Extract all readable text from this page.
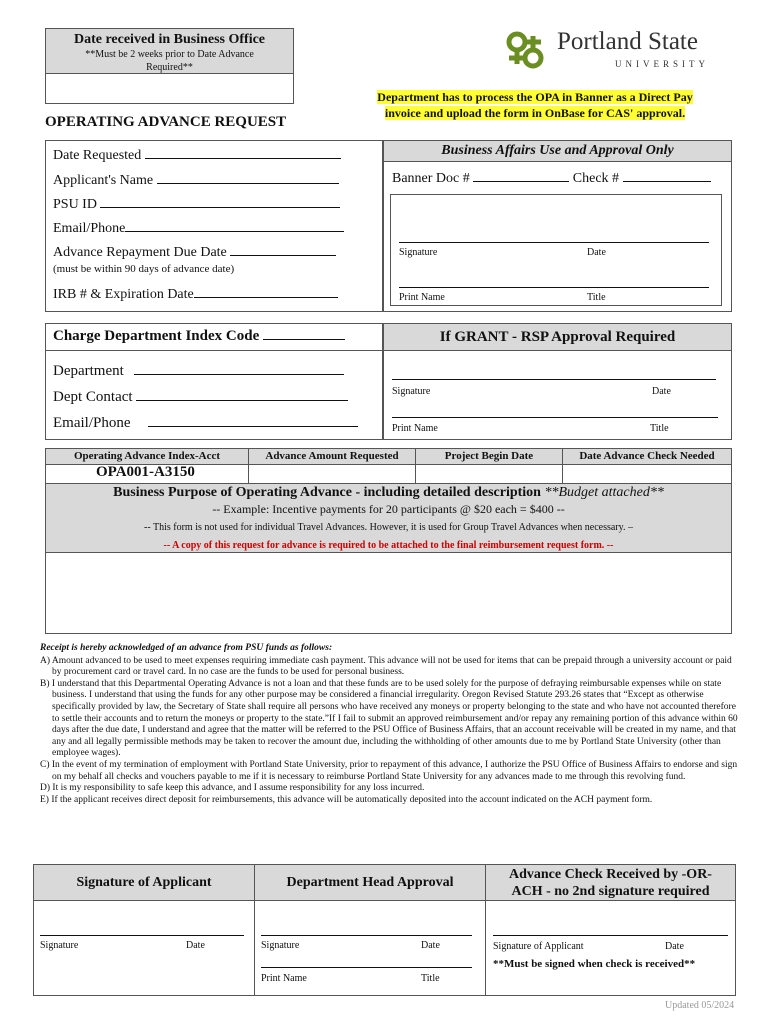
Date received in Business Office
**Must be 2 weeks prior to Date Advance Required**
OPERATING ADVANCE REQUEST
Portland State
UNIVERSITY
Department has to process the OPA in Banner as a Direct Pay
invoice and upload the form in OnBase for CAS' approval.
Date Requested
Applicant's Name
PSU ID
Email/Phone
Advance Repayment Due Date
(must be within 90 days of advance date)
IRB # & Expiration Date
Business Affairs Use and Approval Only
Banner Doc #	Check #
Signature	Date
Print Name	Title
Charge Department Index Code
Department
Dept Contact
Email/Phone
If GRANT - RSP Approval Required
Signature	Date
Print Name	Title
Operating Advance Index-Acct	Advance Amount Requested	Project Begin Date	Date Advance Check Needed
OPA001-A3150
Business Purpose of Operating Advance - including detailed description **Budget attached**
-- Example: Incentive payments for 20 participants @ $20 each = $400 --
-- This form is not used for individual Travel Advances. However, it is used for Group Travel Advances when necessary. –
-- A copy of this request for advance is required to be attached to the final reimbursement request form. --
Receipt is hereby acknowledged of an advance from PSU funds as follows:

A) Amount advanced to be used to meet expenses requiring immediate cash payment. This advance will not be used for items that can be prepaid through a university account or paid by procurement card or travel card. In no case are the funds to be used for personal business.

B) I understand that this Departmental Operating Advance is not a loan and that these funds are to be used solely for the purpose of defraying reimbursable expenses while on state business. I understand that using the funds for any other purpose may be considered a financial irregularity. Oregon Revised Statute 293.26 states that “Except as otherwise specifically provided by law, the Secretary of State shall require all persons who have received any moneys or property belonging to the state and who have not accounted therefore to settle their accounts and to return the moneys or property to the state.”If I fail to submit an approved reimbursement and/or repay any remaining portion of this advance within 60 days after the due date, I understand and agree that the matter will be referred to the PSU Office of Business Affairs, that an account receivable will be created in my name, and that any and all legally permissible methods may be taken to recover the amount due, including the withholding of other amounts due to me by Portland State University (other than employee wages).

C) In the event of my termination of employment with Portland State University, prior to repayment of this advance, I authorize the PSU Office of Business Affairs to endorse and sign on my behalf all checks and vouchers payable to me if it is necessary to reimburse Portland State University for any advances made to me through this revolving fund.

D) It is my responsibility to safe keep this advance, and I assume responsibility for any loss incurred.

E) If the applicant receives direct deposit for reimbursements, this advance will be automatically deposited into the account indicated on the ACH payment form.

Signature of Applicant	Department Head Approval
Advance Check Received by -OR- ACH - no 2nd signature required
Signature	Date	Signature	Date
Print Name	Title
Signature of Applicant	Date
**Must be signed when check is received**
Updated 05/2024
